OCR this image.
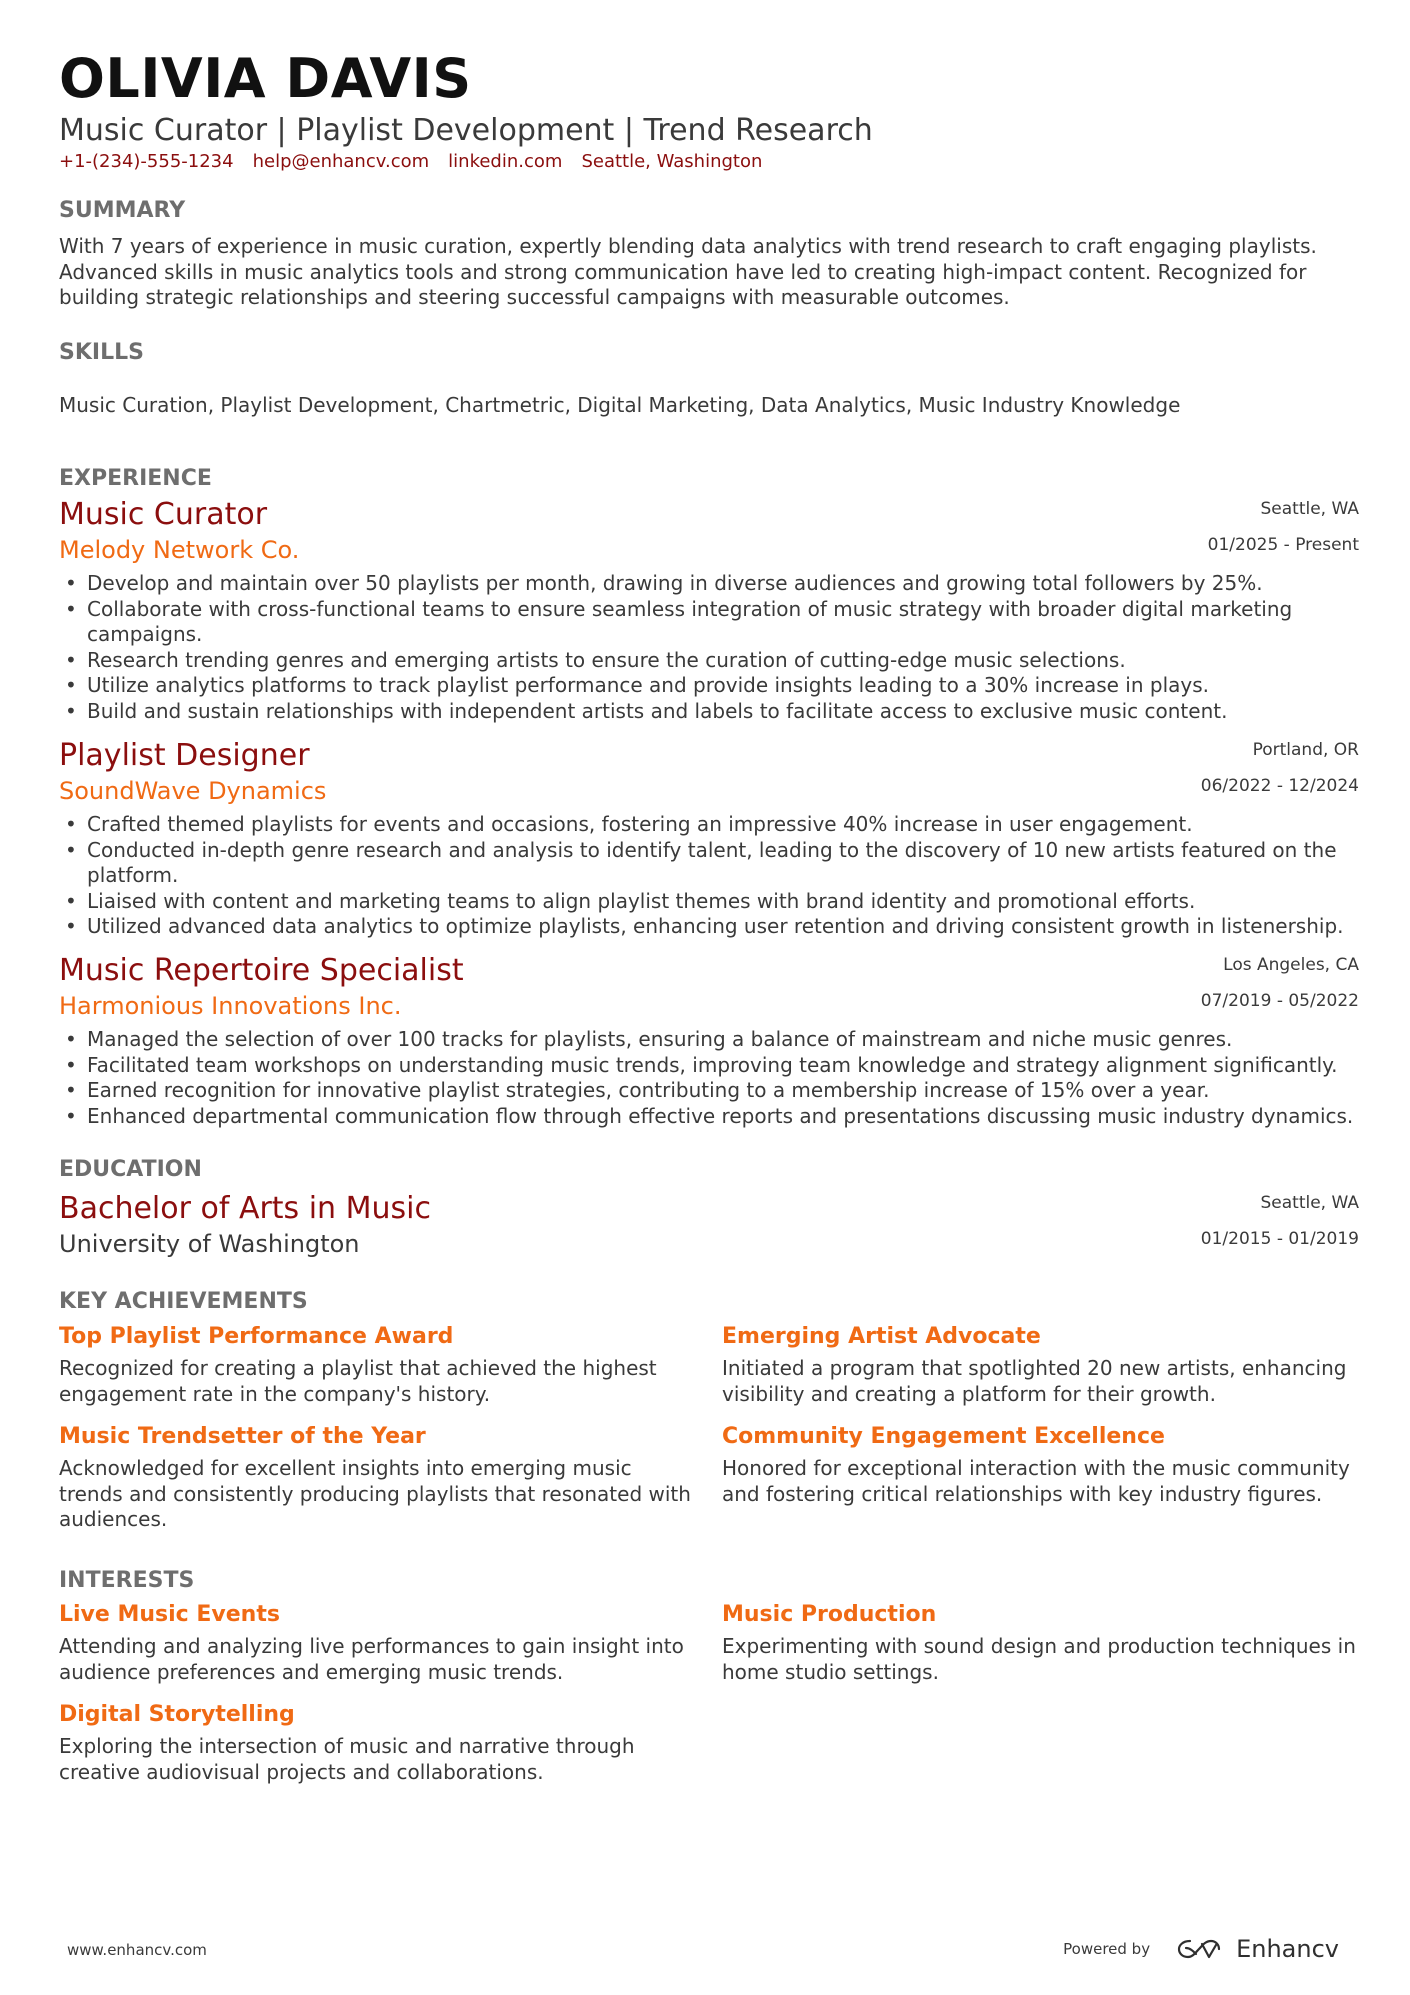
OLIVIA DAVIS
Music Curator | Playlist Development | Trend Research
+1-(234)-555-1234 help@enhancv.com linkedin.com Seattle, Washington
SUMMARY
With 7 years of experience in music curation, expertly blending data analytics with trend research to craft engaging playlists. Advanced skills in music analytics tools and strong communication have led to creating high-impact content. Recognized for building strategic relationships and steering successful campaigns with measurable outcomes.
SKILLS
Music Curation, Playlist Development, Chartmetric, Digital Marketing, Data Analytics, Music Industry Knowledge
EXPERIENCE
Music Curator	Seattle, WA
Melody Network Co.	01/2025 - Present
• Develop and maintain over 50 playlists per month, drawing in diverse audiences and growing total followers by 25%.
• Collaborate with cross-functional teams to ensure seamless integration of music strategy with broader digital marketing campaigns.
• Research trending genres and emerging artists to ensure the curation of cutting-edge music selections.
• Utilize analytics platforms to track playlist performance and provide insights leading to a 30% increase in plays.
• Build and sustain relationships with independent artists and labels to facilitate access to exclusive music content.
Playlist Designer	Portland, OR
SoundWave Dynamics	06/2022 - 12/2024
• Crafted themed playlists for events and occasions, fostering an impressive 40% increase in user engagement.
• Conducted in-depth genre research and analysis to identify talent, leading to the discovery of 10 new artists featured on the platform.
• Liaised with content and marketing teams to align playlist themes with brand identity and promotional efforts.
• Utilized advanced data analytics to optimize playlists, enhancing user retention and driving consistent growth in listenership.
Music Repertoire Specialist	Los Angeles, CA
Harmonious Innovations Inc.	07/2019 - 05/2022
• Managed the selection of over 100 tracks for playlists, ensuring a balance of mainstream and niche music genres.
• Facilitated team workshops on understanding music trends, improving team knowledge and strategy alignment significantly.
• Earned recognition for innovative playlist strategies, contributing to a membership increase of 15% over a year.
• Enhanced departmental communication flow through effective reports and presentations discussing music industry dynamics.
EDUCATION
Bachelor of Arts in Music	Seattle, WA
University of Washington	01/2015 - 01/2019
KEY ACHIEVEMENTS
Top Playlist Performance Award
Recognized for creating a playlist that achieved the highest engagement rate in the company's history.
Emerging Artist Advocate
Initiated a program that spotlighted 20 new artists, enhancing visibility and creating a platform for their growth.
Music Trendsetter of the Year
Acknowledged for excellent insights into emerging music trends and consistently producing playlists that resonated with audiences.
Community Engagement Excellence
Honored for exceptional interaction with the music community and fostering critical relationships with key industry figures.
INTERESTS
Live Music Events
Attending and analyzing live performances to gain insight into audience preferences and emerging music trends.
Music Production
Experimenting with sound design and production techniques in home studio settings.
Digital Storytelling
Exploring the intersection of music and narrative through creative audiovisual projects and collaborations.
www.enhancv.com	Powered by	Enhancv
